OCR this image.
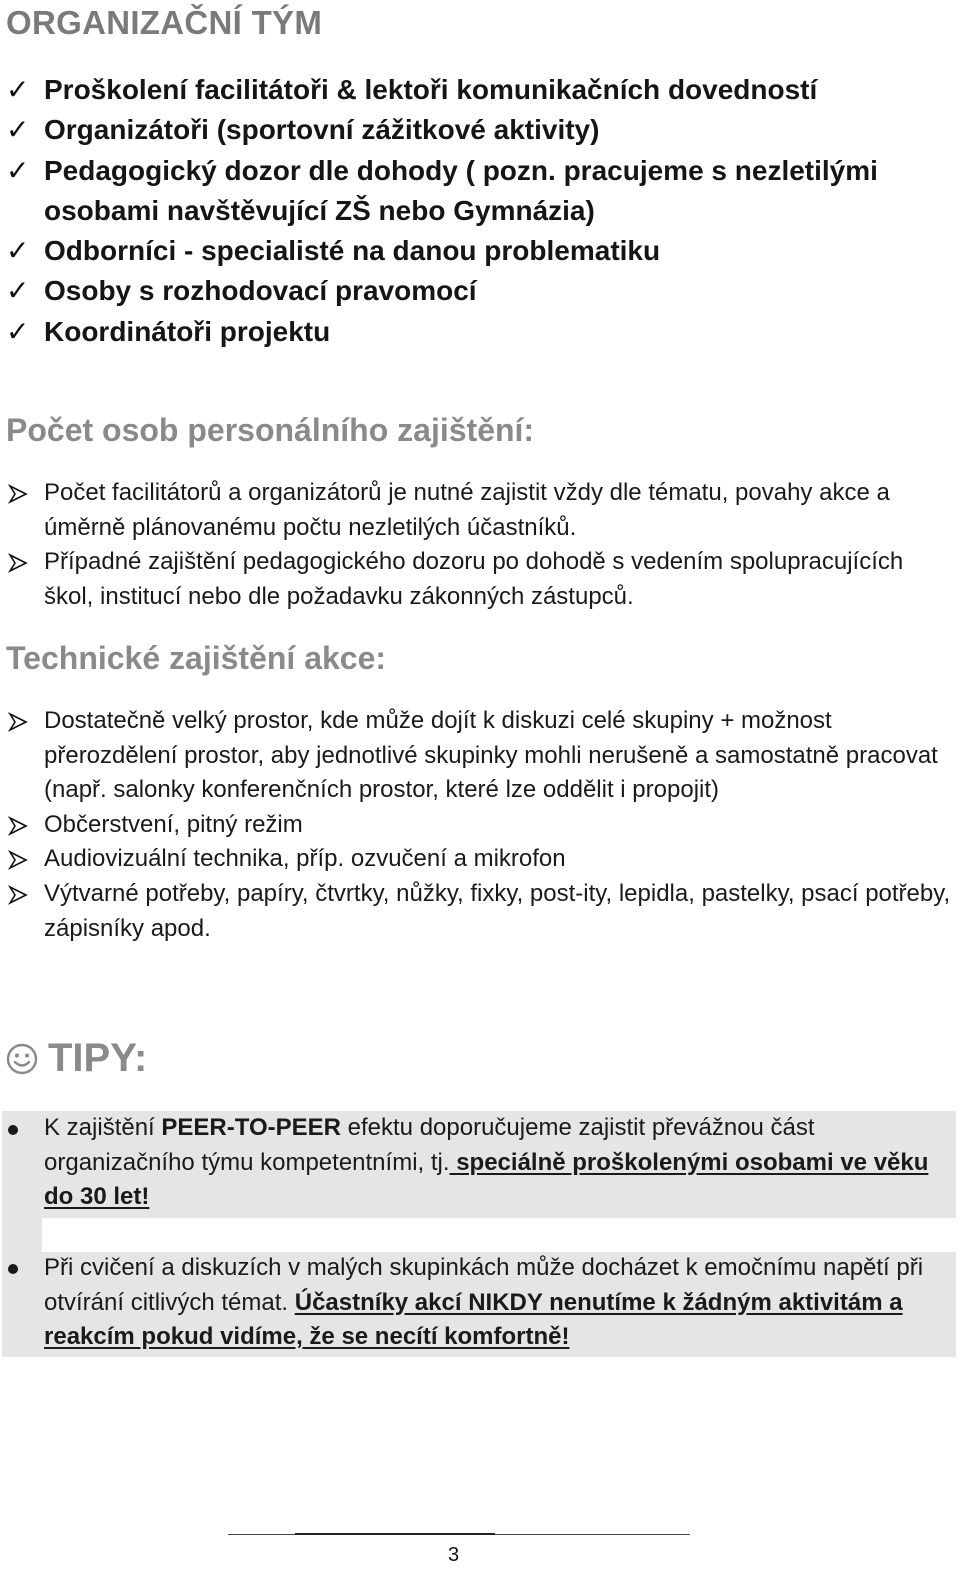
ORGANIZAČNÍ TÝM
✓ Proškolení facilitátoři & lektoři komunikačních dovedností
✓ Organizátoři (sportovní zážitkové aktivity)
✓ Pedagogický dozor dle dohody ( pozn. pracujeme s nezletilými osobami navštěvující ZŠ nebo Gymnázia)
✓ Odborníci - specialisté na danou problematiku
✓ Osoby s rozhodovací pravomocí
✓ Koordinátoři projektu
Počet osob personálního zajištění:
Počet facilitátorů a organizátorů je nutné zajistit vždy dle tématu, povahy akce a úměrně plánovanému počtu nezletilých účastníků.
Případné zajištění pedagogického dozoru po dohodě s vedením spolupracujících škol, institucí nebo dle požadavku zákonných zástupců.
Technické zajištění akce:
Dostatečně velký prostor, kde může dojít k diskuzi celé skupiny + možnost přerozdělení prostor, aby jednotlivé skupinky mohli nerušeně a samostatně pracovat (např. salonky konferenčních prostor, které lze oddělit i propojit)
Občerstvení, pitný režim
Audiovizuální technika, příp. ozvučení a mikrofon
Výtvarné potřeby, papíry, čtvrtky, nůžky, fixky, post-ity, lepidla, pastelky, psací potřeby, zápisníky apod.
TIPY:
K zajištění PEER-TO-PEER efektu doporučujeme zajistit převážnou část organizačního týmu kompetentními, tj. speciálně proškolenými osobami ve věku do 30 let!
Při cvičení a diskuzích v malých skupinkách může docházet k emočnímu napětí při otvírání citlivých témat. Účastníky akcí NIKDY nenutíme k žádným aktivitám a reakcím pokud vidíme, že se necítí komfortně!
3
